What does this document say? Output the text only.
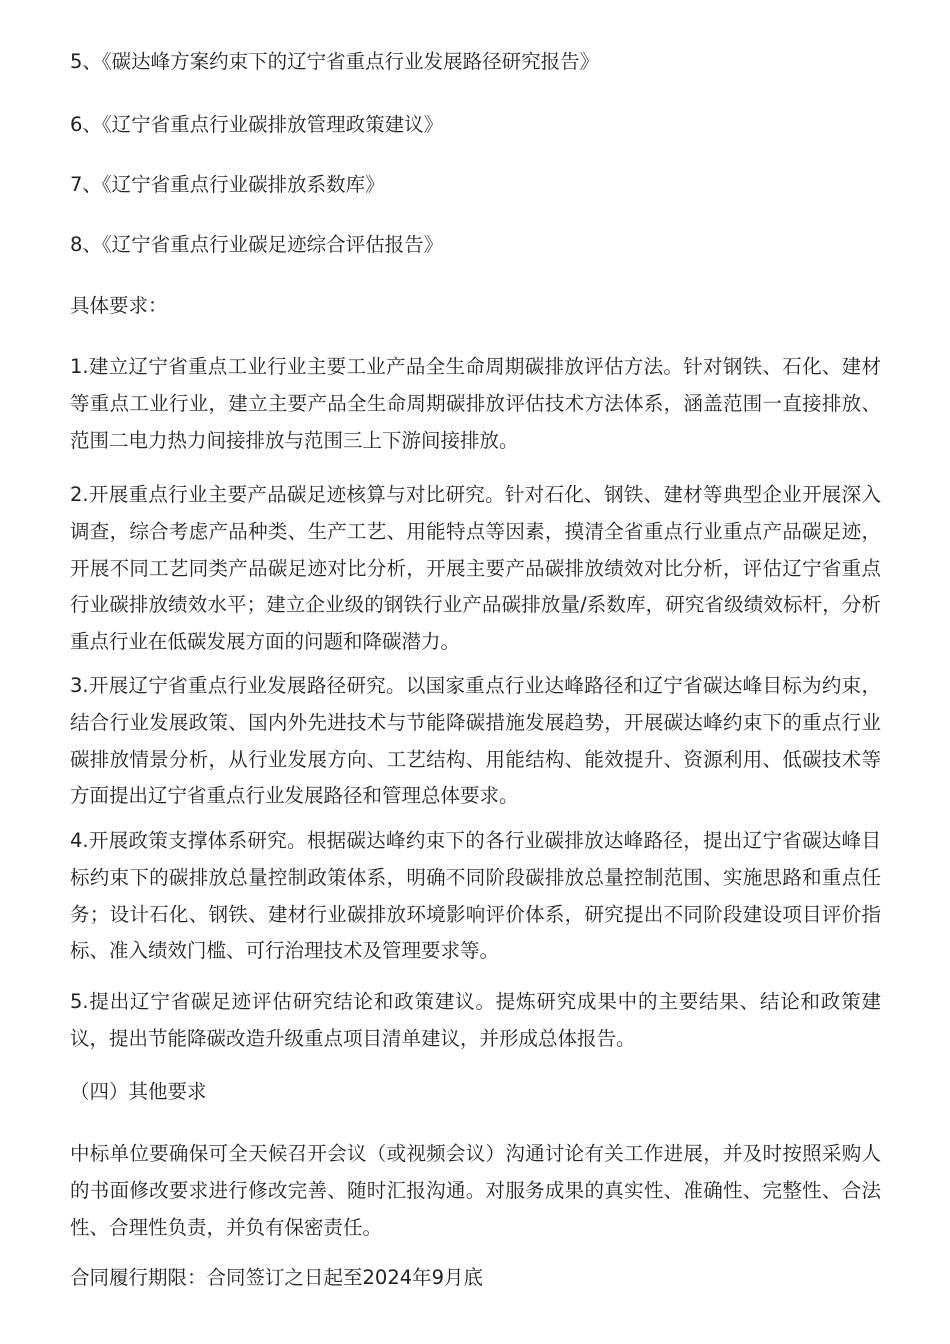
5、《碳达峰方案约束下的辽宁省重点行业发展路径研究报告》
6、《辽宁省重点行业碳排放管理政策建议》
7、《辽宁省重点行业碳排放系数库》
8、《辽宁省重点行业碳足迹综合评估报告》
具体要求：

1.建立辽宁省重点工业行业主要工业产品全生命周期碳排放评估方法。针对钢铁、石化、建材等重点工业行业，建立主要产品全生命周期碳排放评估技术方法体系，涵盖范围一直接排放、范围二电力热力间接排放与范围三上下游间接排放。

2.开展重点行业主要产品碳足迹核算与对比研究。针对石化、钢铁、建材等典型企业开展深入调查，综合考虑产品种类、生产工艺、用能特点等因素，摸清全省重点行业重点产品碳足迹，开展不同工艺同类产品碳足迹对比分析，开展主要产品碳排放绩效对比分析，评估辽宁省重点行业碳排放绩效水平；建立企业级的钢铁行业产品碳排放量/系数库，研究省级绩效标杆，分析重点行业在低碳发展方面的问题和降碳潜力。

3.开展辽宁省重点行业发展路径研究。以国家重点行业达峰路径和辽宁省碳达峰目标为约束，结合行业发展政策、国内外先进技术与节能降碳措施发展趋势，开展碳达峰约束下的重点行业碳排放情景分析，从行业发展方向、工艺结构、用能结构、能效提升、资源利用、低碳技术等方面提出辽宁省重点行业发展路径和管理总体要求。

4.开展政策支撑体系研究。根据碳达峰约束下的各行业碳排放达峰路径，提出辽宁省碳达峰目标约束下的碳排放总量控制政策体系，明确不同阶段碳排放总量控制范围、实施思路和重点任务；设计石化、钢铁、建材行业碳排放环境影响评价体系，研究提出不同阶段建设项目评价指标、准入绩效门槛、可行治理技术及管理要求等。

5.提出辽宁省碳足迹评估研究结论和政策建议。提炼研究成果中的主要结果、结论和政策建议，提出节能降碳改造升级重点项目清单建议，并形成总体报告。

（四）其他要求

中标单位要确保可全天候召开会议（或视频会议）沟通讨论有关工作进展，并及时按照采购人的书面修改要求进行修改完善、随时汇报沟通。对服务成果的真实性、准确性、完整性、合法性、合理性负责，并负有保密责任。

合同履行期限：合同签订之日起至2024年9月底
